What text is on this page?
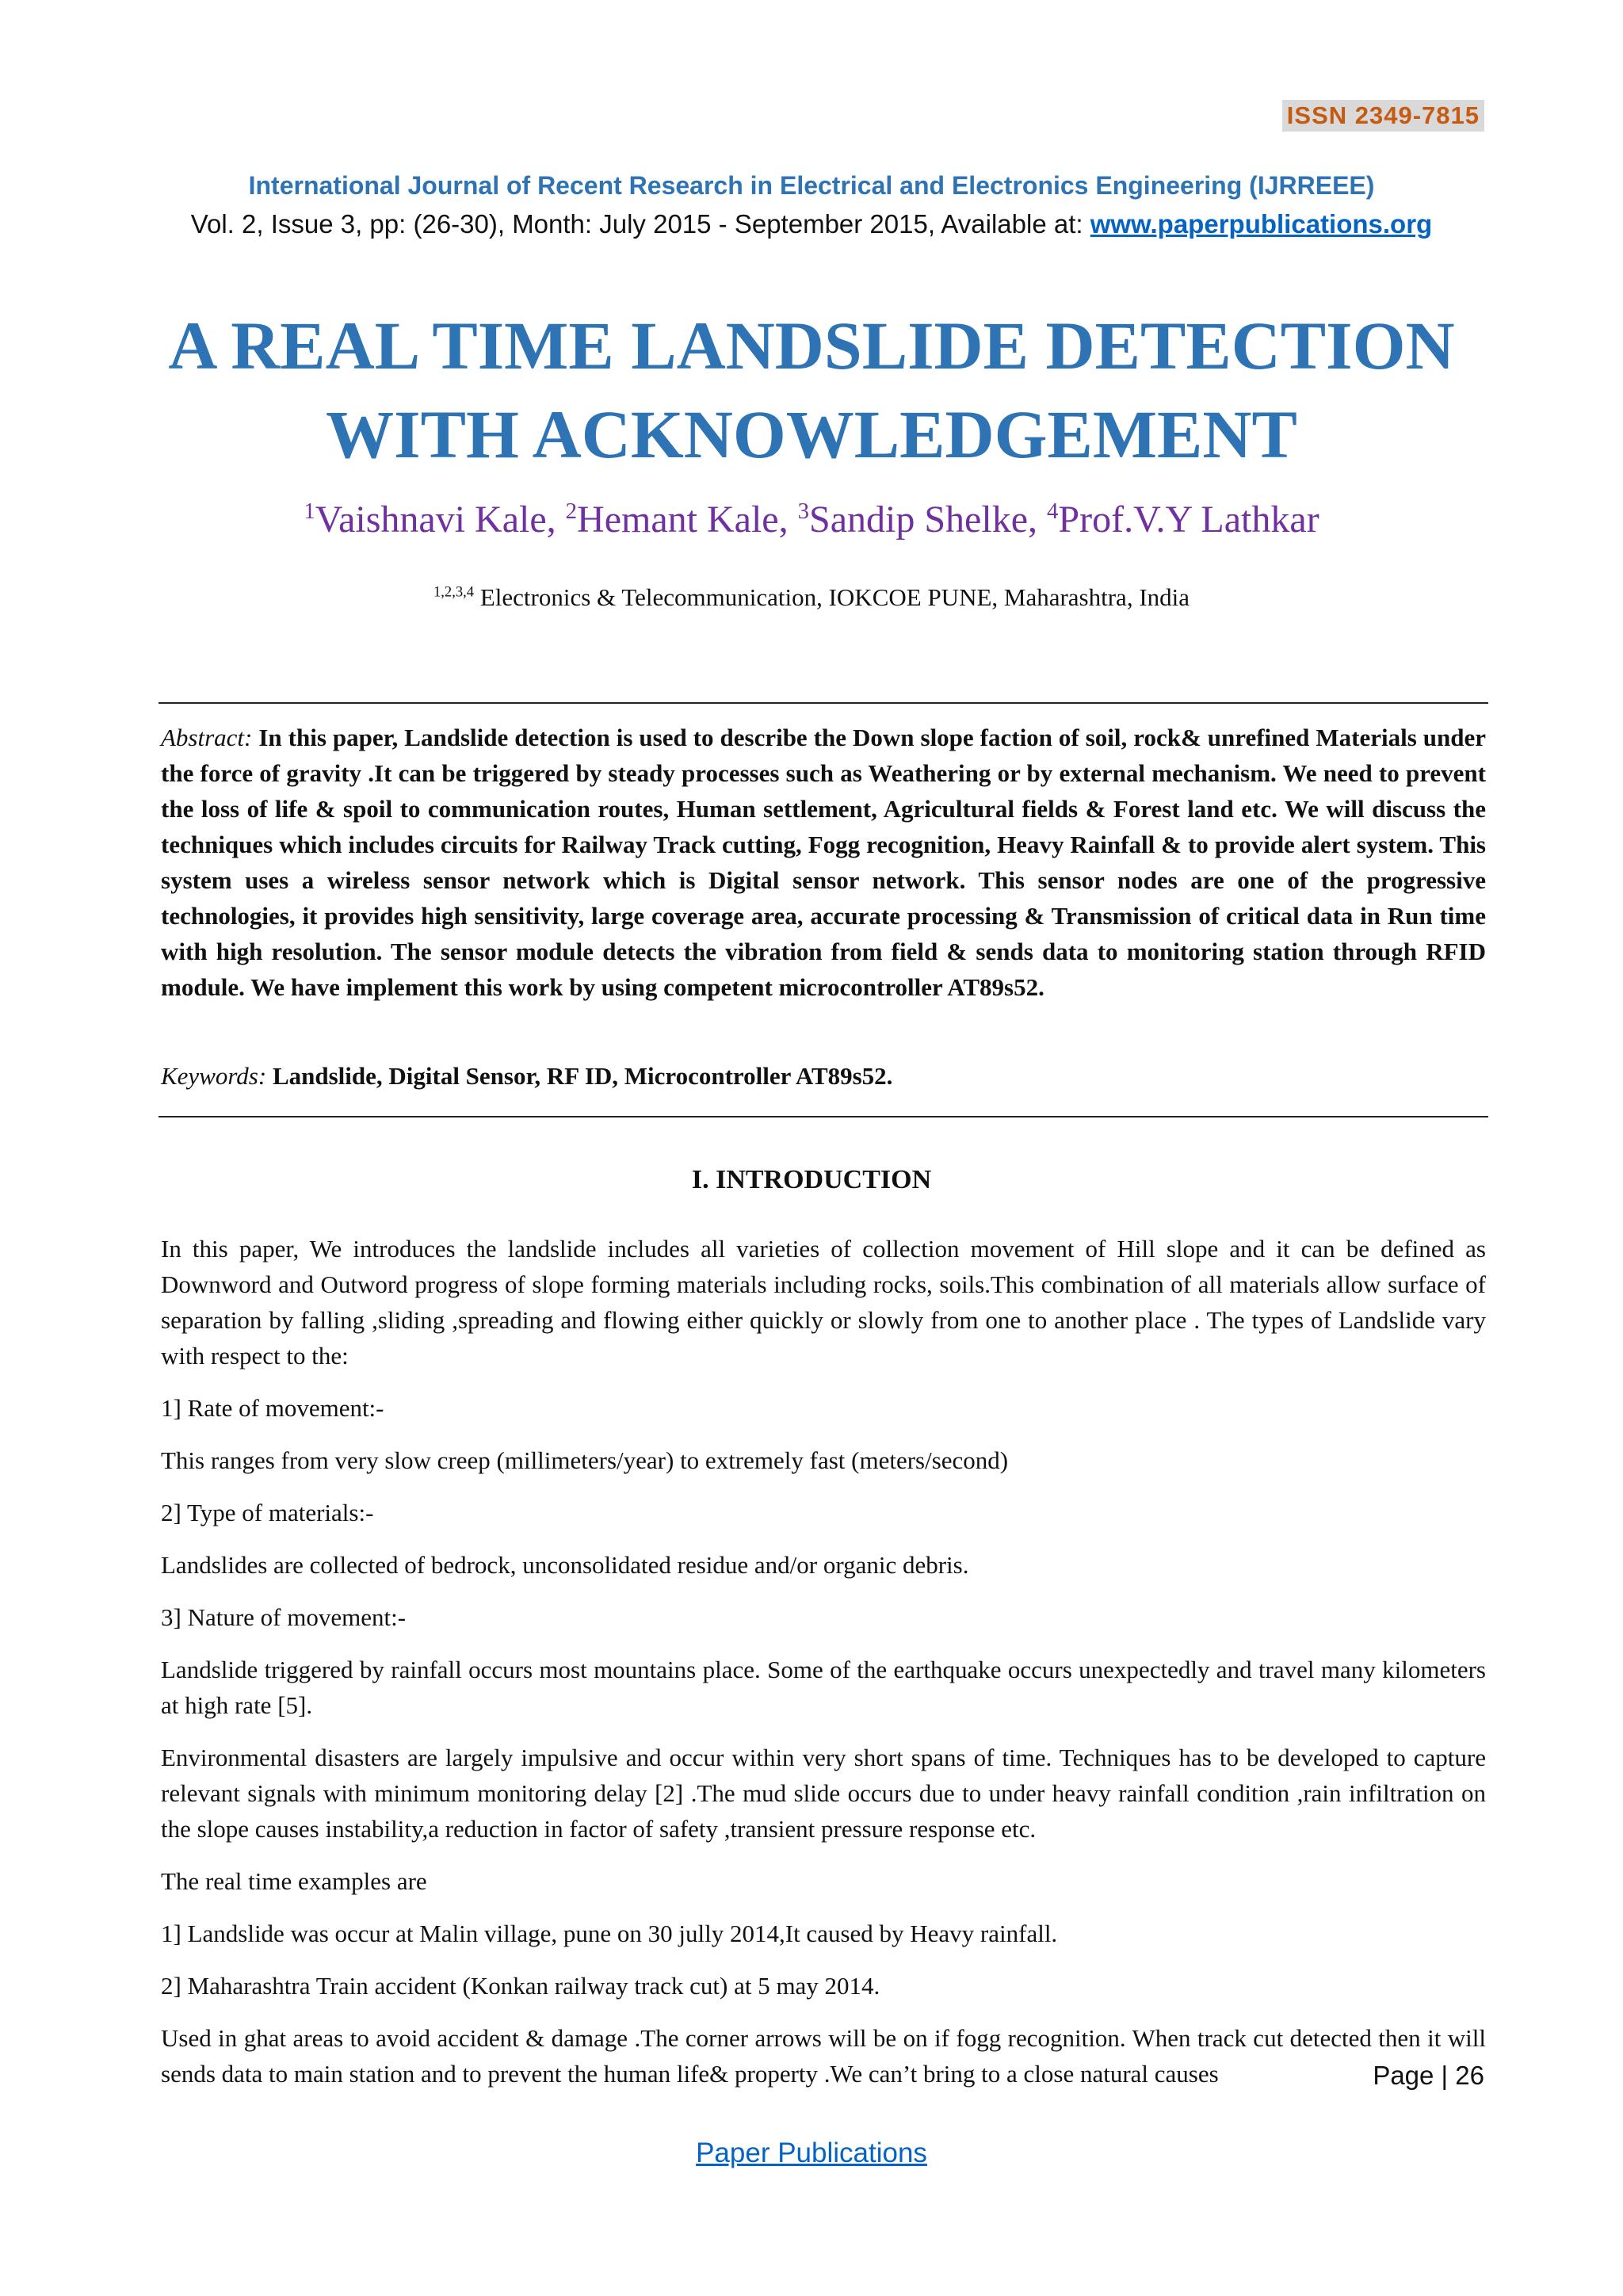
ISSN 2349-7815
International Journal of Recent Research in Electrical and Electronics Engineering (IJRREEE)
Vol. 2, Issue 3, pp: (26-30), Month: July 2015 - September 2015, Available at: www.paperpublications.org
A REAL TIME LANDSLIDE DETECTION
WITH ACKNOWLEDGEMENT
$^1$Vaishnavi Kale, $^2$Hemant Kale, $^3$Sandip Shelke, $^4$Prof.V.Y Lathkar
$^{1,2,3,4}$ Electronics & Telecommunication, IOKCOE PUNE, Maharashtra, India

Abstract: In this paper, Landslide detection is used to describe the Down slope faction of soil, rock& unrefined Materials under the force of gravity .It can be triggered by steady processes such as Weathering or by external mechanism. We need to prevent the loss of life & spoil to communication routes, Human settlement, Agricultural fields & Forest land etc. We will discuss the techniques which includes circuits for Railway Track cutting, Fogg recognition, Heavy Rainfall & to provide alert system. This system uses a wireless sensor network which is Digital sensor network. This sensor nodes are one of the progressive technologies, it provides high sensitivity, large coverage area, accurate processing & Transmission of critical data in Run time with high resolution. The sensor module detects the vibration from field & sends data to monitoring station through RFID module. We have implement this work by using competent microcontroller AT89s52.

Keywords: Landslide, Digital Sensor, RF ID, Microcontroller AT89s52.

I. INTRODUCTION

In this paper, We introduces the landslide includes all varieties of collection movement of Hill slope and it can be defined as Downword and Outword progress of slope forming materials including rocks, soils.This combination of all materials allow surface of separation by falling ,sliding ,spreading and flowing either quickly or slowly from one to another place . The types of Landslide vary with respect to the:

1] Rate of movement:-

This ranges from very slow creep (millimeters/year) to extremely fast (meters/second)

2] Type of materials:-

Landslides are collected of bedrock, unconsolidated residue and/or organic debris.

3] Nature of movement:-

Landslide triggered by rainfall occurs most mountains place. Some of the earthquake occurs unexpectedly and travel many kilometers at high rate [5].

Environmental disasters are largely impulsive and occur within very short spans of time. Techniques has to be developed to capture relevant signals with minimum monitoring delay [2] .The mud slide occurs due to under heavy rainfall condition ,rain infiltration on the slope causes instability,a reduction in factor of safety ,transient pressure response etc.

The real time examples are

1] Landslide was occur at Malin village, pune on 30 jully 2014,It caused by Heavy rainfall.

2] Maharashtra Train accident (Konkan railway track cut) at 5 may 2014.

Used in ghat areas to avoid accident & damage .The corner arrows will be on if fogg recognition. When track cut detected then it will sends data to main station and to prevent the human life& property .We can’t bring to a close natural causes	Page | 26
Paper Publications
